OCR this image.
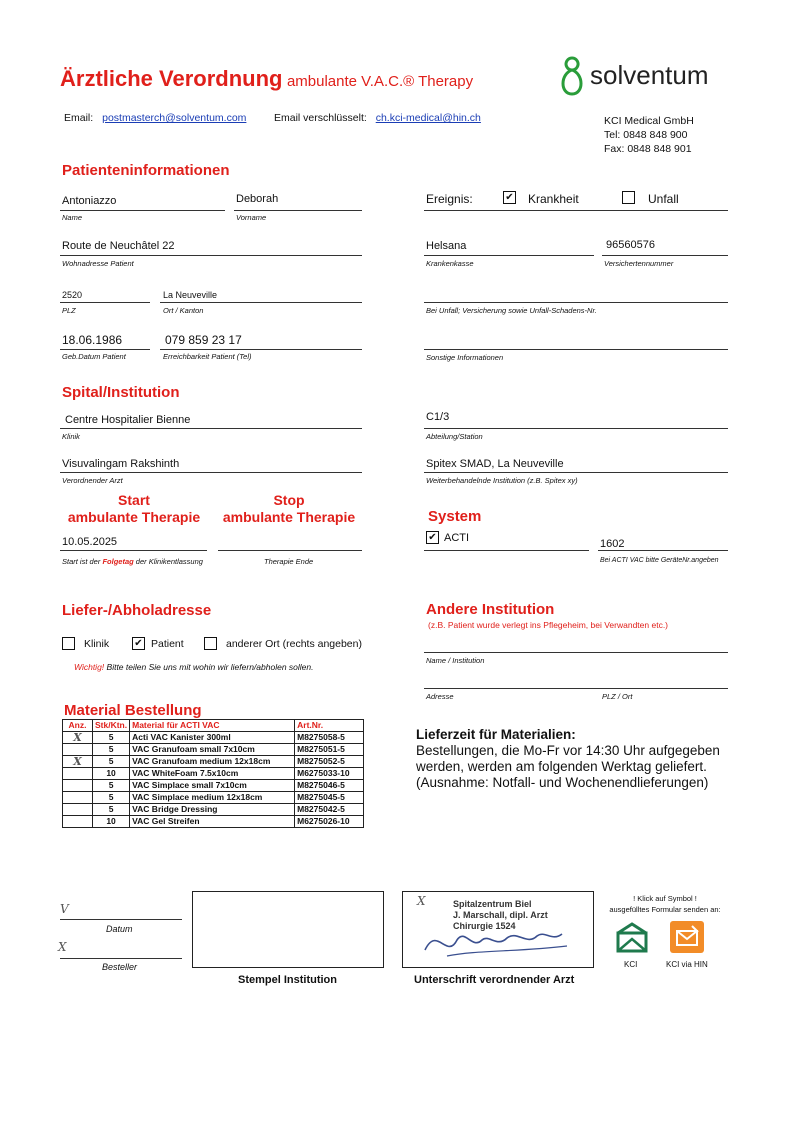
Ärztliche Verordnung ambulante V.A.C.® Therapy	solventum
Email: postmasterch@solventum.com	Email verschlüsselt: ch.kci-medical@hin.ch	KCI Medical GmbH
Tel: 0848 848 900
Fax: 0848 848 901
Patienteninformationen
Antoniazzo
Name
Deborah
Vorname
Route de Neuchâtel 22
Wohnadresse Patient
2520
PLZ
La Neuveville
Ort / Kanton
18.06.1986
Geb.Datum Patient
079 859 23 17
Erreichbarkeit Patient (Tel)
Ereignis:	✔ Krankheit	Unfall
Helsana
Krankenkasse
96560576
Versichertennummer
Bei Unfall; Versicherung sowie Unfall-Schadens-Nr.
Sonstige Informationen
Spital/Institution
Centre Hospitalier Bienne
Klinik
C1/3
Abteilung/Station
Visuvalingam Rakshinth
Verordnender Arzt
Spitex SMAD, La Neuveville
Weiterbehandelnde Institution (z.B. Spitex xy)
Start
ambulante Therapie
Stop
ambulante Therapie
10.05.2025
Start ist der Folgetag der Klinikentlassung	Therapie Ende
System
✔ ACTI	1602
Bei ACTI VAC bitte GeräteNr.angeben
Liefer-/Abholadresse
Klinik	✔ Patient	anderer Ort (rechts angeben)
Wichtig! Bitte teilen Sie uns mit wohin wir liefern/abholen sollen.
Andere Institution
(z.B. Patient wurde verlegt ins Pflegeheim, bei Verwandten etc.)
Name / Institution
Adresse	PLZ / Ort
Material Bestellung
Anz.	Stk/Ktn.	Material für ACTI VAC	Art.Nr.
X	5	Acti VAC Kanister 300ml	M8275058-5
	5	VAC Granufoam small 7x10cm	M8275051-5
X	5	VAC Granufoam medium 12x18cm	M8275052-5
	10	VAC WhiteFoam 7.5x10cm	M6275033-10
	5	VAC Simplace small 7x10cm	M8275046-5
	5	VAC Simplace medium 12x18cm	M8275045-5
	5	VAC Bridge Dressing	M8275042-5
	10	VAC Gel Streifen	M6275026-10
Lieferzeit für Materialien:
Bestellungen, die Mo-Fr vor 14:30 Uhr aufgegeben
werden, werden am folgenden Werktag geliefert.
(Ausnahme: Notfall- und Wochenendlieferungen)
V
Datum
X
Besteller
Stempel Institution
X	Spitalzentrum Biel
J. Marschall, dipl. Arzt
Chirurgie 1524
Unterschrift verordnender Arzt
! Klick auf Symbol !
ausgefülltes Formular senden an:
KCI	KCI via HIN
